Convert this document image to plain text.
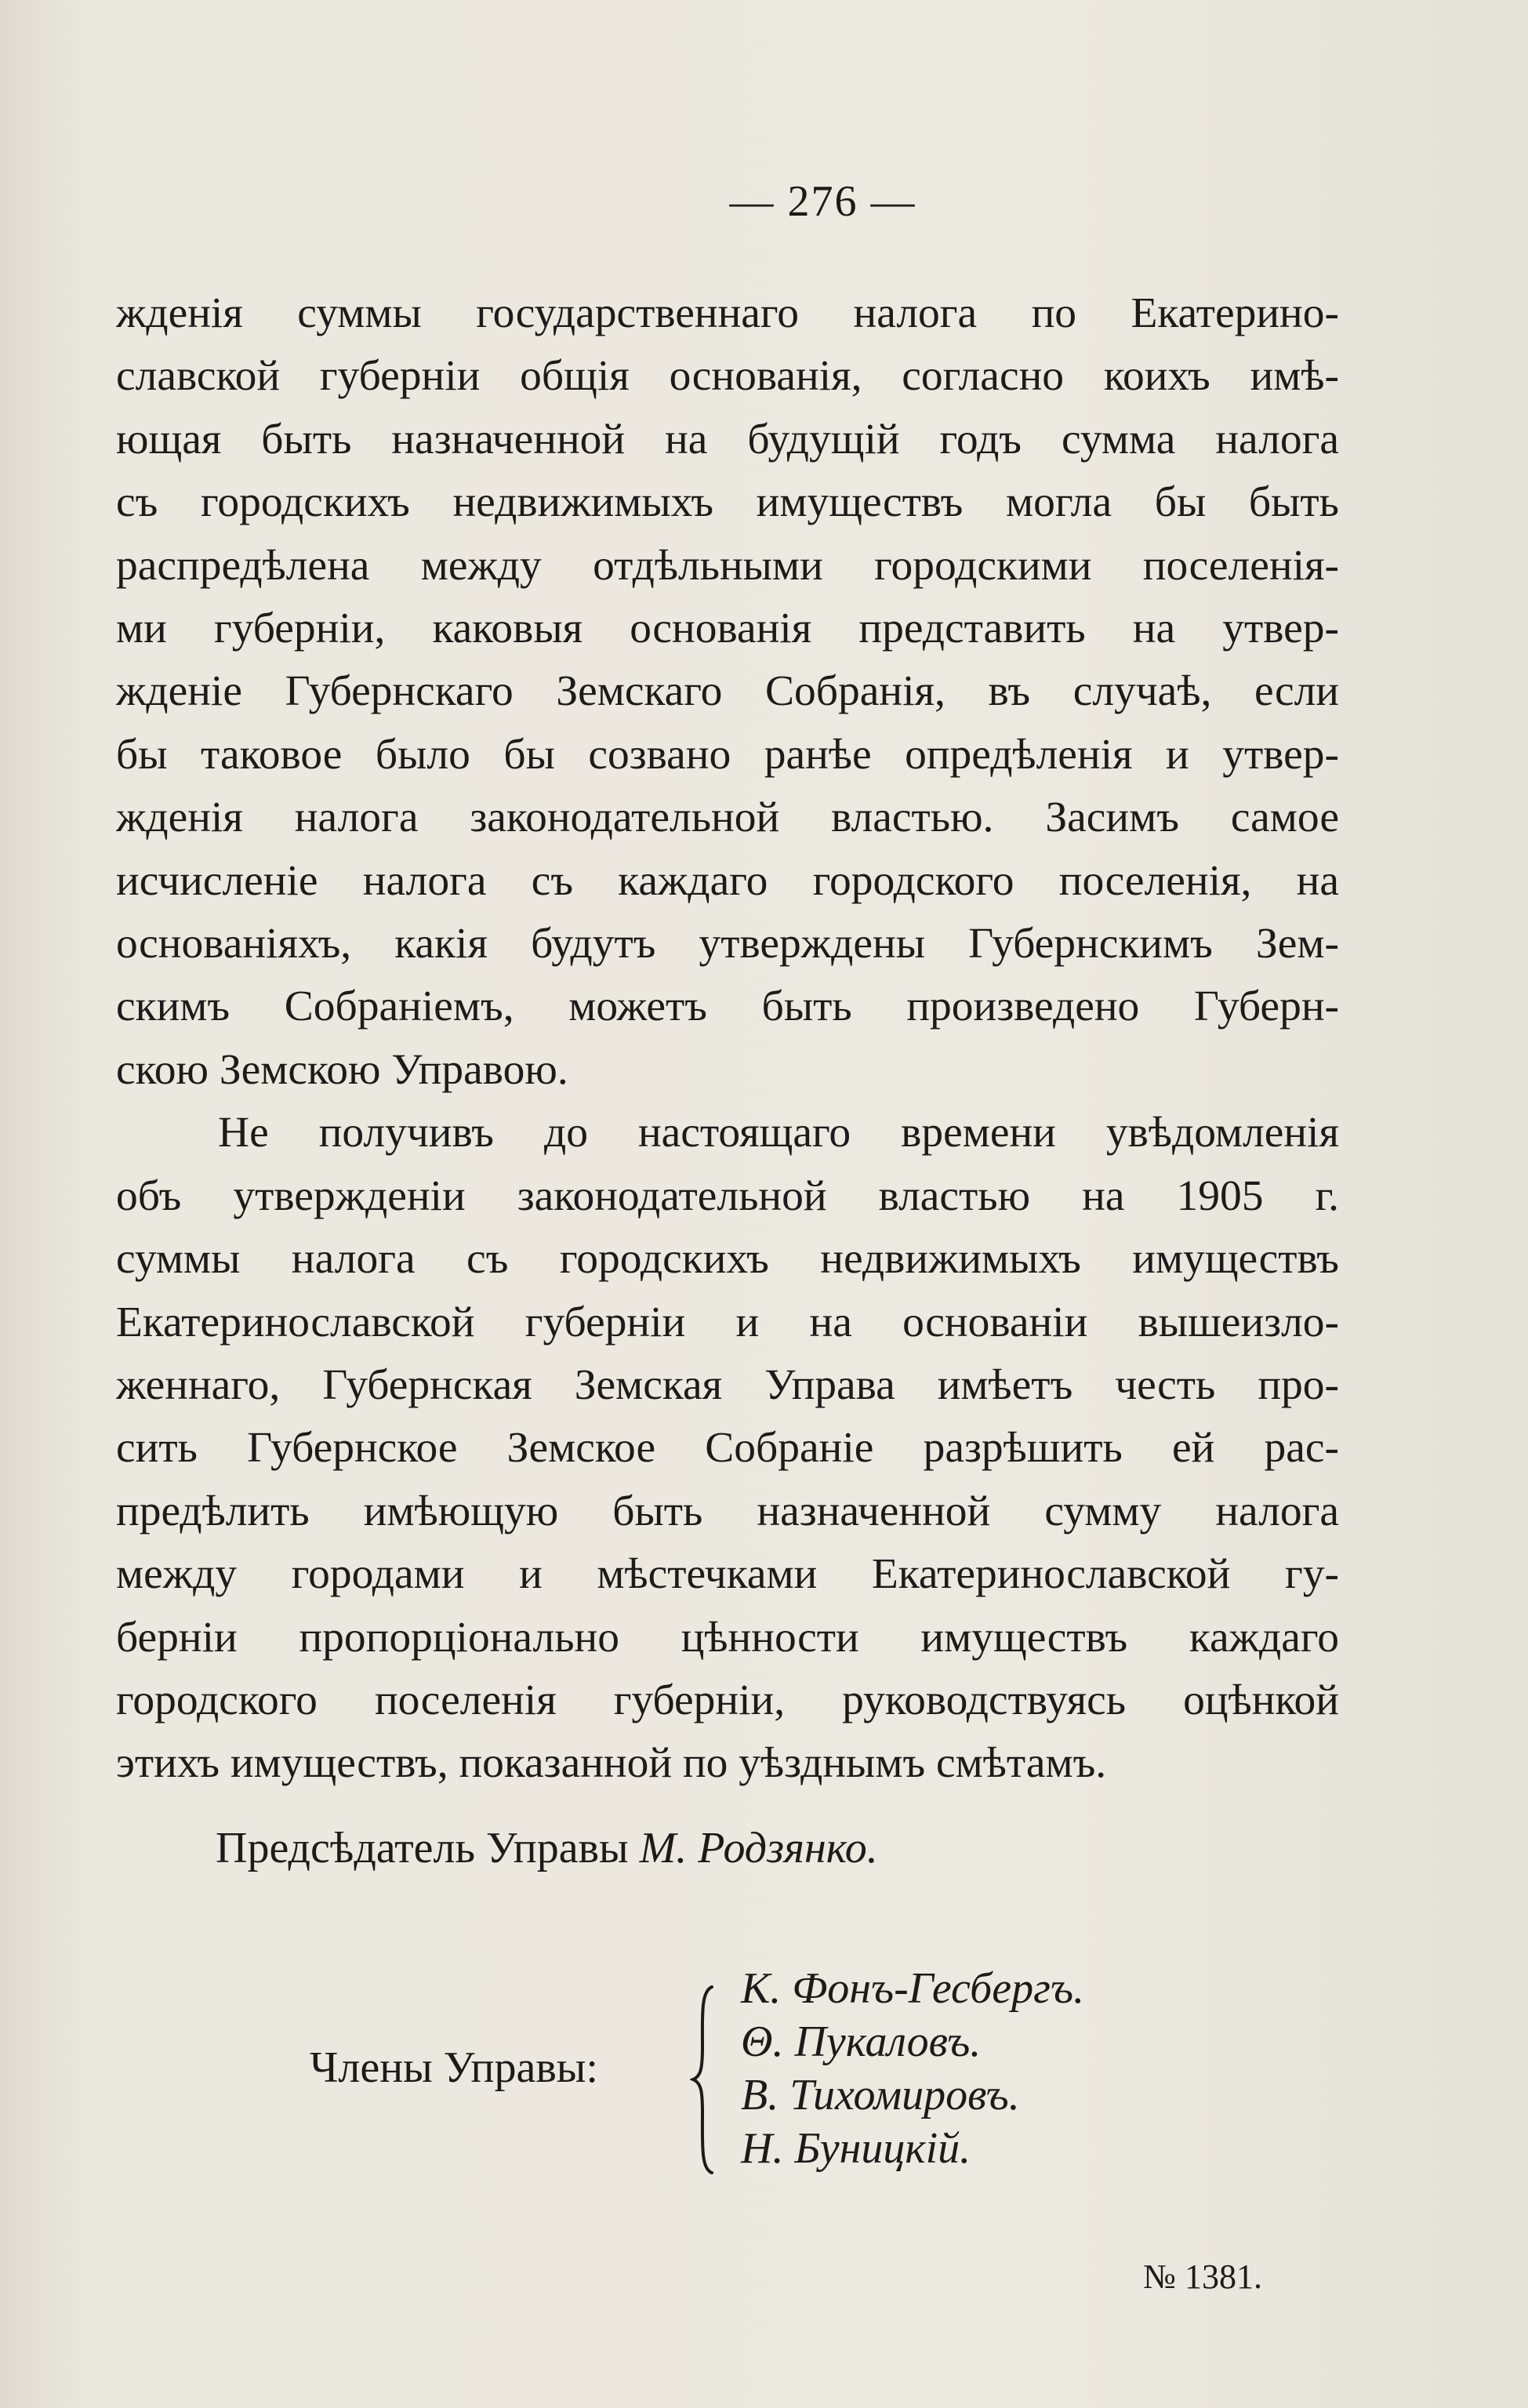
— 276 —
жденія суммы государственнаго налога по Екатерино-
славской губерніи общія основанія, согласно коихъ имѣ-
ющая быть назначенной на будущій годъ сумма налога
съ городскихъ недвижимыхъ имуществъ могла бы быть
распредѣлена между отдѣльными городскими поселенія-
ми губерніи, каковыя основанія представить на утвер-
жденіе Губернскаго Земскаго Собранія, въ случаѣ, если
бы таковое было бы созвано ранѣе опредѣленія и утвер-
жденія налога законодательной властью. Засимъ самое
исчисленіе налога съ каждаго городского поселенія, на
основаніяхъ, какія будутъ утверждены Губернскимъ Зем-
скимъ Собраніемъ, можетъ быть произведено Губерн-
скою Земскою Управою.
Не получивъ до настоящаго времени увѣдомленія
объ утвержденіи законодательной властью на 1905 г.
суммы налога съ городскихъ недвижимыхъ имуществъ
Екатеринославской губерніи и на основаніи вышеизло-
женнаго, Губернская Земская Управа имѣетъ честь про-
сить Губернское Земское Собраніе разрѣшить ей рас-
предѣлить имѣющую быть назначенной сумму налога
между городами и мѣстечками Екатеринославской гу-
берніи пропорціонально цѣнности имуществъ каждаго
городского поселенія губерніи, руководствуясь оцѣнкой
этихъ имуществъ, показанной по уѣзднымъ смѣтамъ.
Предсѣдатель Управы М. Родзянко.
Члены Управы:
К. Фонъ-Гесбергъ.
Θ. Пукаловъ.
В. Тихомировъ.
Н. Буницкій.
№ 1381.
